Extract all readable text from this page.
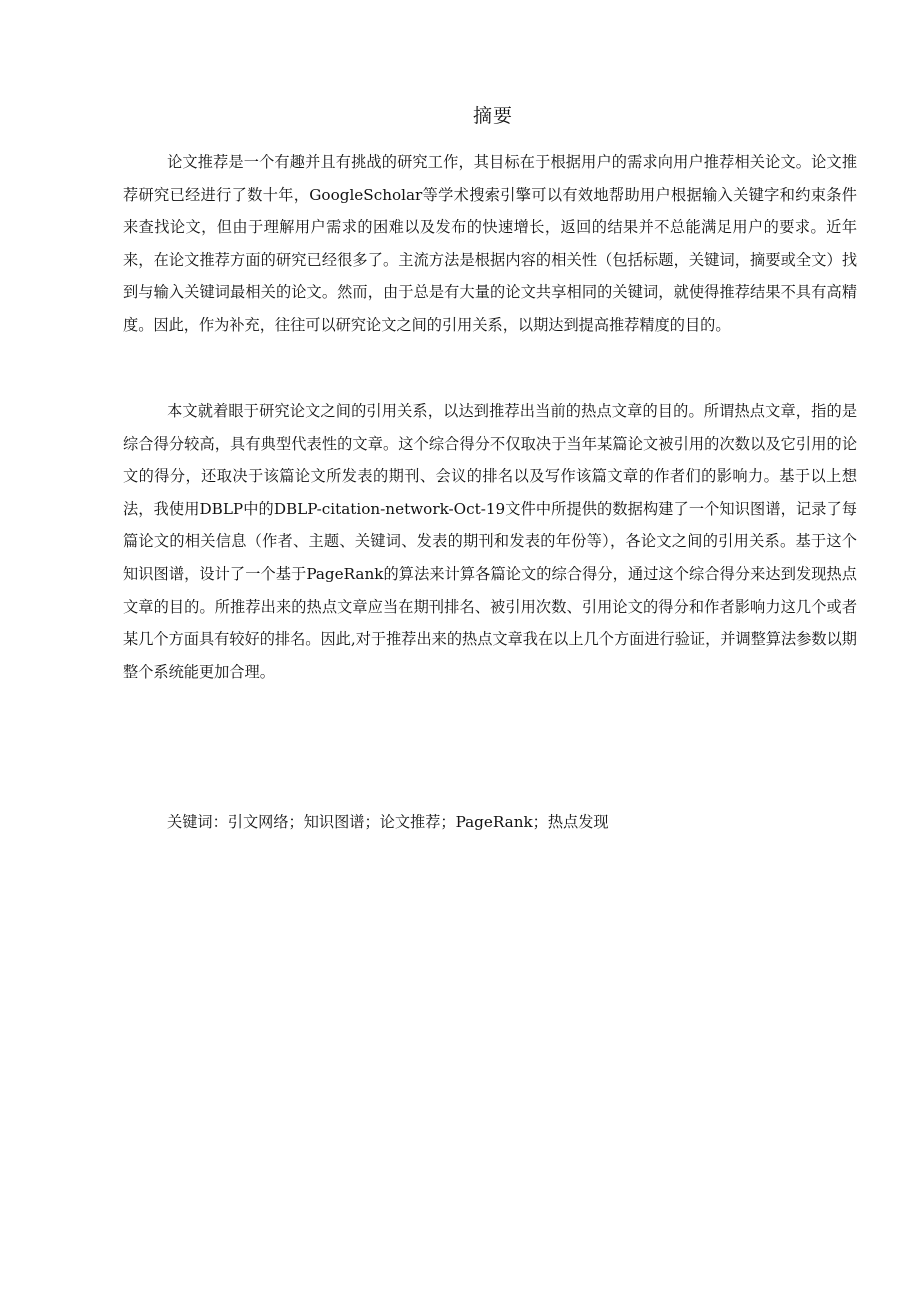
摘要

论文推荐是一个有趣并且有挑战的研究工作，其目标在于根据用户的需求向用户推荐相关论文。论文推荐研究已经进行了数十年，GoogleScholar等学术搜索引擎可以有效地帮助用户根据输入关键字和约束条件来查找论文，但由于理解用户需求的困难以及发布的快速增长，返回的结果并不总能满足用户的要求。近年来，在论文推荐方面的研究已经很多了。主流方法是根据内容的相关性（包括标题，关键词，摘要或全文）找到与输入关键词最相关的论文。然而，由于总是有大量的论文共享相同的关键词，就使得推荐结果不具有高精度。因此，作为补充，往往可以研究论文之间的引用关系，以期达到提高推荐精度的目的。

本文就着眼于研究论文之间的引用关系，以达到推荐出当前的热点文章的目的。所谓热点文章，指的是综合得分较高，具有典型代表性的文章。这个综合得分不仅取决于当年某篇论文被引用的次数以及它引用的论文的得分，还取决于该篇论文所发表的期刊、会议的排名以及写作该篇文章的作者们的影响力。基于以上想法，我使用DBLP中的DBLP-citation-network-Oct-19文件中所提供的数据构建了一个知识图谱，记录了每篇论文的相关信息（作者、主题、关键词、发表的期刊和发表的年份等），各论文之间的引用关系。基于这个知识图谱，设计了一个基于PageRank的算法来计算各篇论文的综合得分，通过这个综合得分来达到发现热点文章的目的。所推荐出来的热点文章应当在期刊排名、被引用次数、引用论文的得分和作者影响力这几个或者某几个方面具有较好的排名。因此,对于推荐出来的热点文章我在以上几个方面进行验证，并调整算法参数以期整个系统能更加合理。

关键词：引文网络；知识图谱；论文推荐；PageRank；热点发现
